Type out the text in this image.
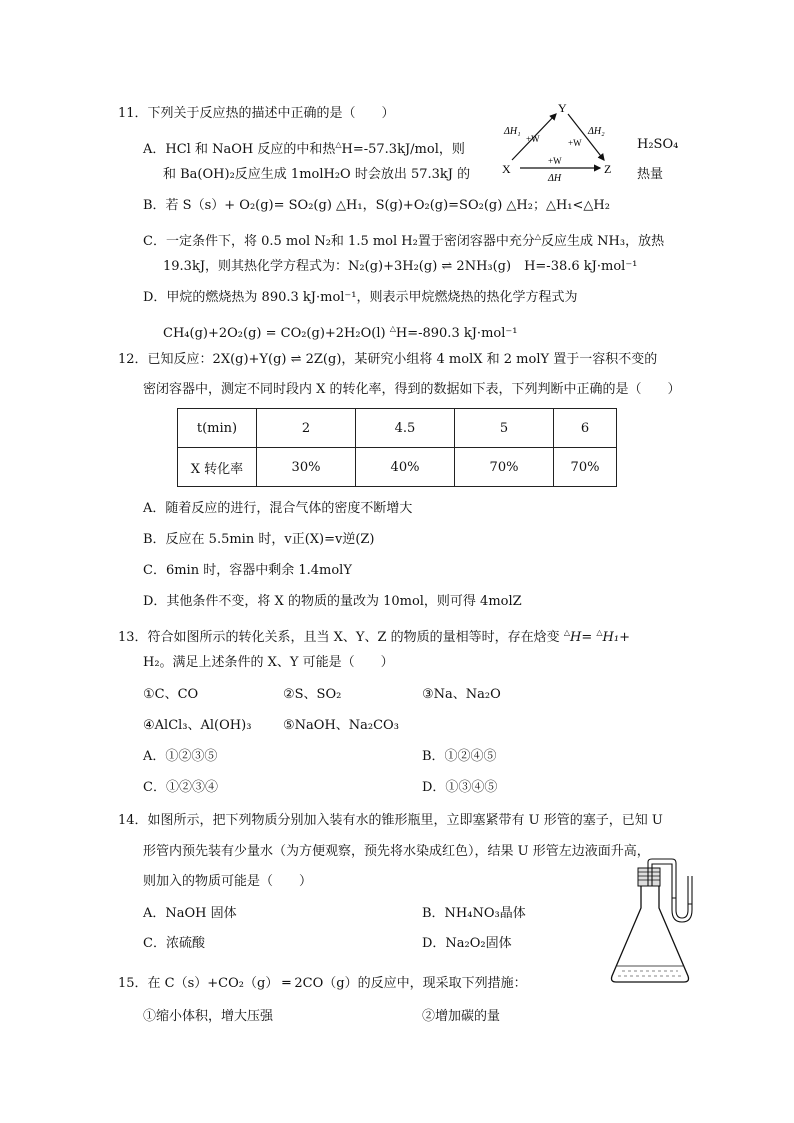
11．下列关于反应热的描述中正确的是（　　）
A．HCl 和 NaOH 反应的中和热△H=-57.3kJ/mol，则	H₂SO₄
和 Ba(OH)₂反应生成 1molH₂O 时会放出 57.3kJ 的	热量
Y
X	Z
ΔH₁
+W
ΔH₂
+W
+W
ΔH
B．若 S（s）+ O₂(g)= SO₂(g) △H₁，S(g)+O₂(g)=SO₂(g) △H₂；△H₁<△H₂
C．一定条件下，将 0.5 mol N₂和 1.5 mol H₂置于密闭容器中充分△反应生成 NH₃，放热
19.3kJ，则其热化学方程式为：N₂(g)+3H₂(g) ⇌ 2NH₃(g)　H=-38.6 kJ·mol⁻¹
D．甲烷的燃烧热为 890.3 kJ·mol⁻¹，则表示甲烷燃烧热的热化学方程式为
CH₄(g)+2O₂(g) = CO₂(g)+2H₂O(l) △H=-890.3 kJ·mol⁻¹
12．已知反应：2X(g)+Y(g) ⇌ 2Z(g)，某研究小组将 4 molX 和 2 molY 置于一容积不变的
密闭容器中，测定不同时段内 X 的转化率，得到的数据如下表，下列判断中正确的是（　　）
t(min)	2	4.5	5	6
X 转化率	30%	40%	70%	70%
A．随着反应的进行，混合气体的密度不断增大
B．反应在 5.5min 时，v正(X)=v逆(Z)
C．6min 时，容器中剩余 1.4molY
D．其他条件不变，将 X 的物质的量改为 10mol，则可得 4molZ
13．符合如图所示的转化关系，且当 X、Y、Z 的物质的量相等时，存在焓变 △H= △H₁+
H₂。满足上述条件的 X、Y 可能是（　　）
①C、CO	②S、SO₂	③Na、Na₂O
④AlCl₃、Al(OH)₃ ⑤NaOH、Na₂CO₃
A．①②③⑤	B．①②④⑤
C．①②③④	D．①③④⑤
14．如图所示，把下列物质分别加入装有水的锥形瓶里，立即塞紧带有 U 形管的塞子，已知 U
形管内预先装有少量水（为方便观察，预先将水染成红色），结果 U 形管左边液面升高，
则加入的物质可能是（　　）
A．NaOH 固体	B．NH₄NO₃晶体
C．浓硫酸	D．Na₂O₂固体
15．在 C（s）+CO₂（g） ═ 2CO（g）的反应中，现采取下列措施：
①缩小体积，增大压强	②增加碳的量
